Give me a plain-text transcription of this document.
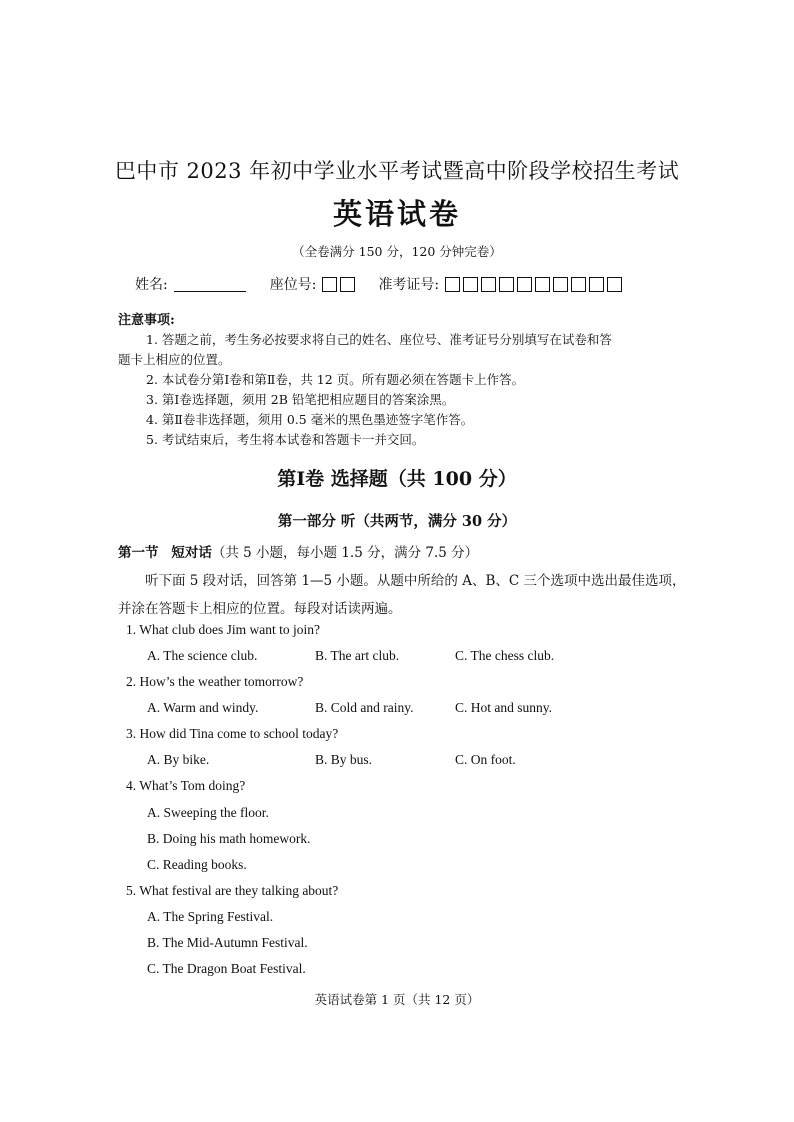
巴中市 2023 年初中学业水平考试暨高中阶段学校招生考试
英语试卷
（全卷满分 150 分，120 分钟完卷）
姓名:	座位号:	准考证号:
注意事项:
1. 答题之前，考生务必按要求将自己的姓名、座位号、准考证号分别填写在试卷和答
题卡上相应的位置。
2. 本试卷分第Ⅰ卷和第Ⅱ卷，共 12 页。所有题必须在答题卡上作答。
3. 第Ⅰ卷选择题，须用 2B 铅笔把相应题目的答案涂黑。
4. 第Ⅱ卷非选择题，须用 0.5 毫米的黑色墨迹签字笔作答。
5. 考试结束后，考生将本试卷和答题卡一并交回。
第Ⅰ卷 选择题（共 100 分）
第一部分 听（共两节，满分 30 分）
第一节 短对话（共 5 小题，每小题 1.5 分，满分 7.5 分）
听下面 5 段对话，回答第 1—5 小题。从题中所给的 A、B、C 三个选项中选出最佳选项，
并涂在答题卡上相应的位置。每段对话读两遍。
1. What club does Jim want to join?
A. The science club.	B. The art club.	C. The chess club.
2. How’s the weather tomorrow?
A. Warm and windy.	B. Cold and rainy.	C. Hot and sunny.
3. How did Tina come to school today?
A. By bike.	B. By bus.	C. On foot.
4. What’s Tom doing?
A. Sweeping the floor.
B. Doing his math homework.
C. Reading books.
5. What festival are they talking about?
A. The Spring Festival.
B. The Mid-Autumn Festival.
C. The Dragon Boat Festival.
英语试卷第 1 页（共 12 页）
